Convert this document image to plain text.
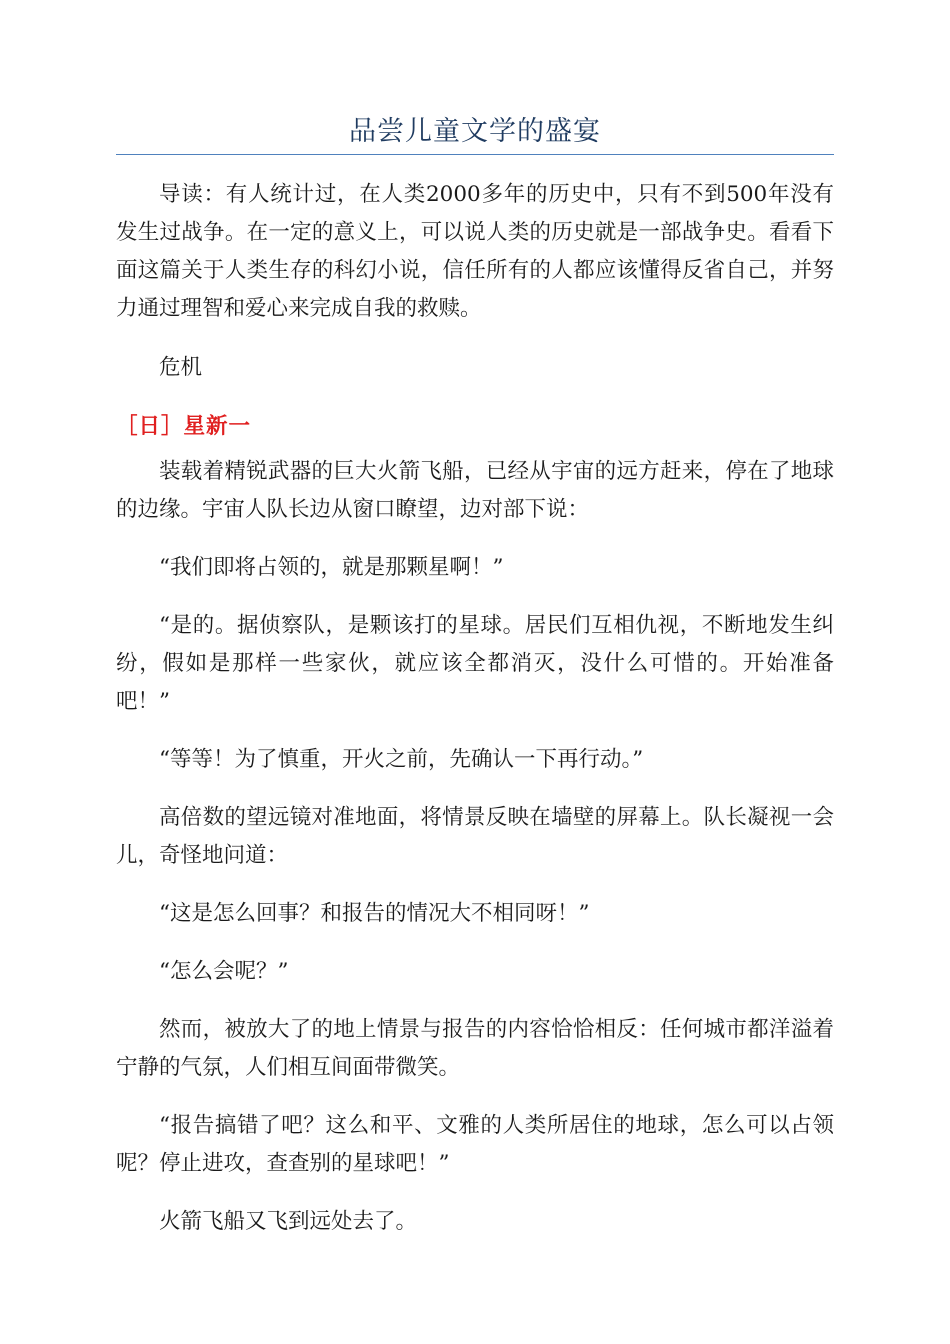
品尝儿童文学的盛宴

导读：有人统计过，在人类2000多年的历史中，只有不到500年没有发生过战争。在一定的意义上，可以说人类的历史就是一部战争史。看看下面这篇关于人类生存的科幻小说，信任所有的人都应该懂得反省自己，并努力通过理智和爱心来完成自我的救赎。

危机

［日］星新一

装载着精锐武器的巨大火箭飞船，已经从宇宙的远方赶来，停在了地球的边缘。宇宙人队长边从窗口瞭望，边对部下说：

“我们即将占领的，就是那颗星啊！”

“是的。据侦察队，是颗该打的星球。居民们互相仇视，不断地发生纠纷，假如是那样一些家伙，就应该全都消灭，没什么可惜的。开始准备吧！”

“等等！为了慎重，开火之前，先确认一下再行动。”

高倍数的望远镜对准地面，将情景反映在墙壁的屏幕上。队长凝视一会儿，奇怪地问道：

“这是怎么回事？和报告的情况大不相同呀！”

“怎么会呢？”

然而，被放大了的地上情景与报告的内容恰恰相反：任何城市都洋溢着宁静的气氛，人们相互间面带微笑。

“报告搞错了吧？这么和平、文雅的人类所居住的地球，怎么可以占领呢？停止进攻，查查别的星球吧！”

火箭飞船又飞到远处去了。
